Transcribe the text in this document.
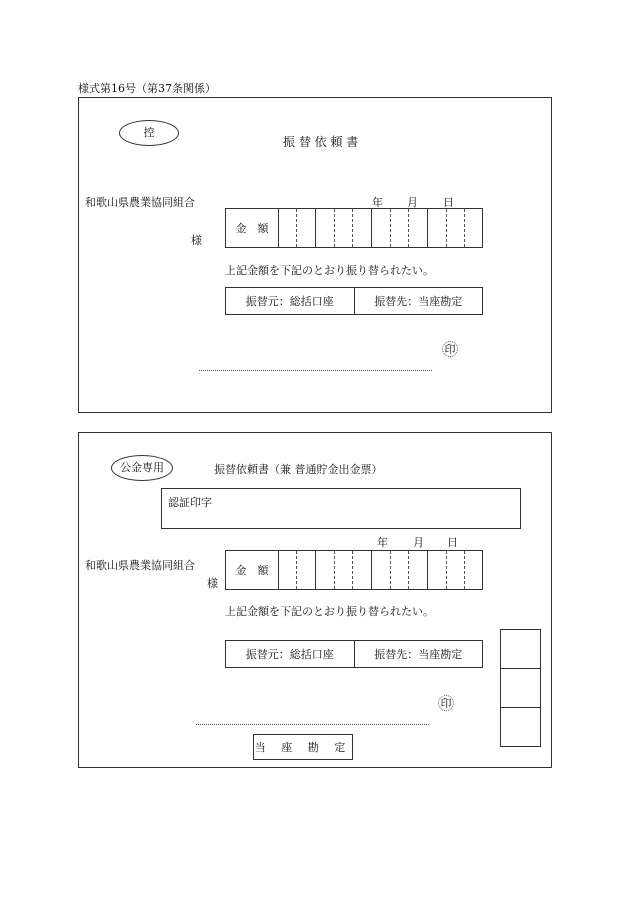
様式第16号（第37条関係）
控
振 替 依 頼 書
和歌山県農業協同組合	年 月 日
様
金　額
上記金額を下記のとおり振り替られたい。
振替元：総括口座	振替先：当座勘定
印
公金専用	振替依頼書（兼 普通貯金出金票）
認証印字
年 月 日
和歌山県農業協同組合
様
金　額
上記金額を下記のとおり振り替られたい。
振替元：総括口座	振替先：当座勘定
印
当 座 勘 定
